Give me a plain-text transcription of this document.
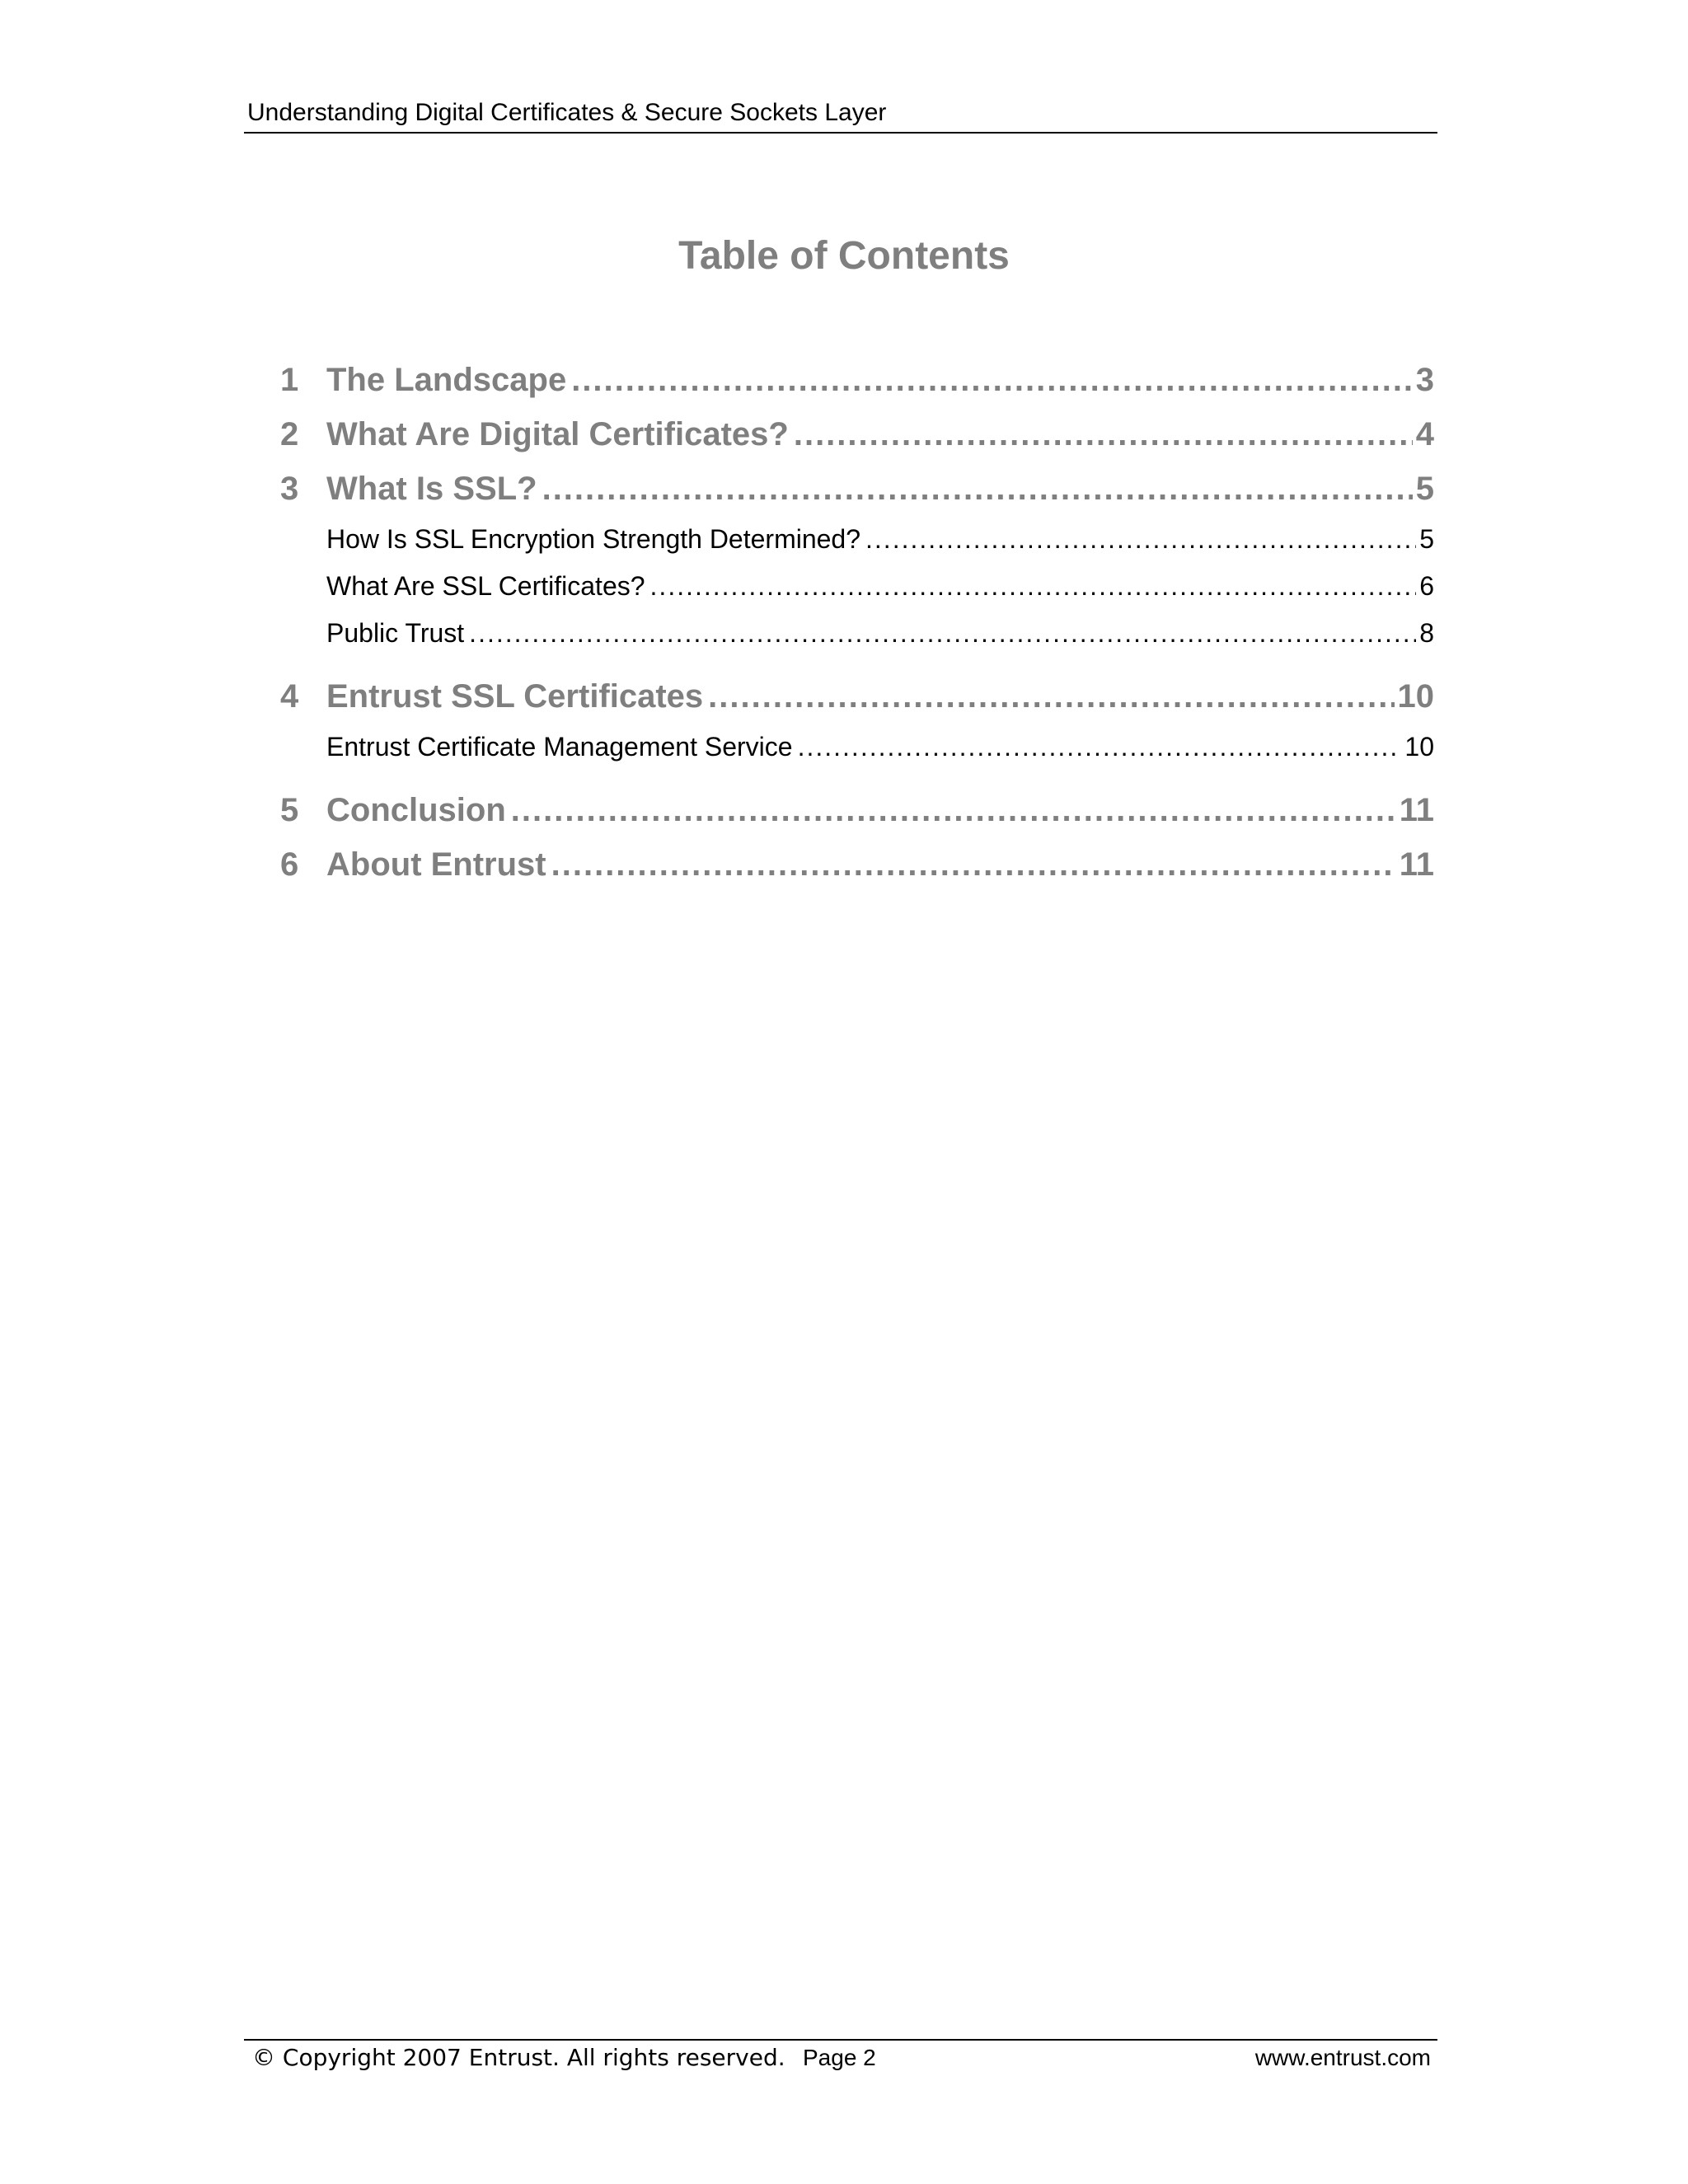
Understanding Digital Certificates & Secure Sockets Layer
Table of Contents
1 The Landscape .....	3
2 What Are Digital Certificates? .....	4
3 What Is SSL? .....	5
How Is SSL Encryption Strength Determined? .....	5
What Are SSL Certificates? .....	6
Public Trust .....	8
4 Entrust SSL Certificates .....	10
Entrust Certificate Management Service .....	10
5 Conclusion .....	11
6 About Entrust .....	11
© Copyright 2007 Entrust. All rights reserved. Page 2	www.entrust.com
